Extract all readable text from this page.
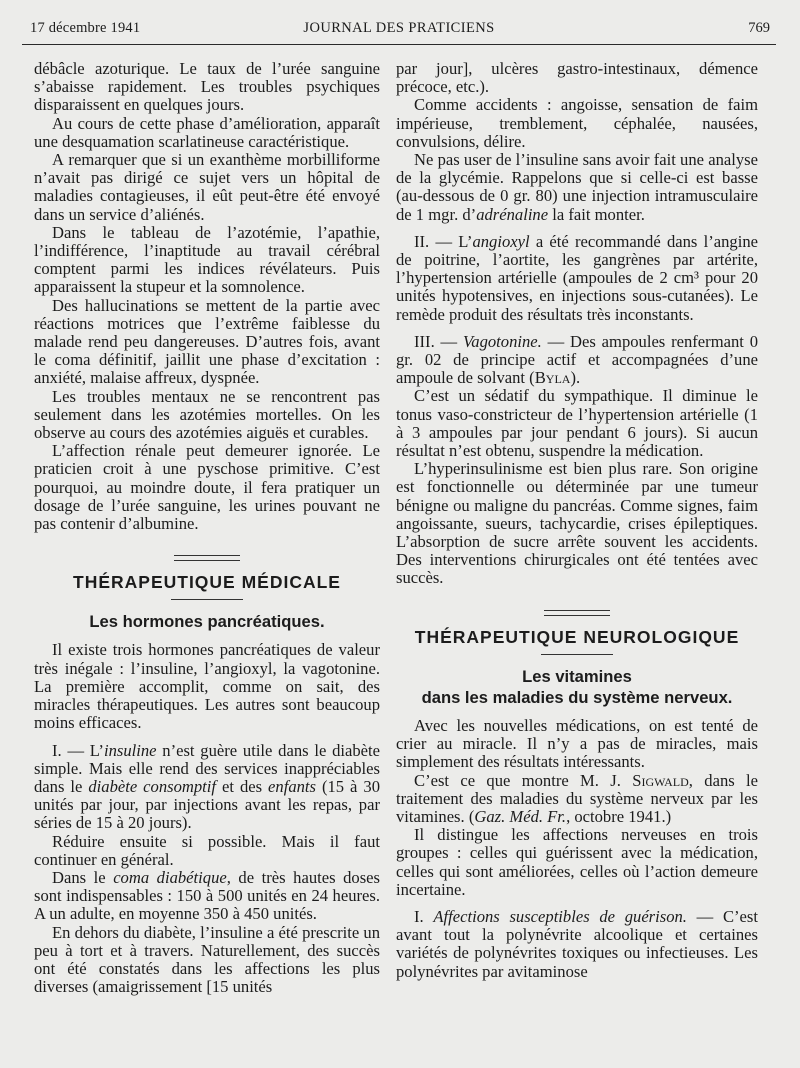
17 décembre 1941	JOURNAL DES PRATICIENS	769

débâcle azoturique. Le taux de l’urée sanguine s’abaisse rapidement. Les troubles psychiques disparaissent en quelques jours.

Au cours de cette phase d’amélioration, apparaît une desquamation scarlatineuse caractéristique.

A remarquer que si un exanthème morbilliforme n’avait pas dirigé ce sujet vers un hôpital de maladies contagieuses, il eût peut-être été envoyé dans un service d’aliénés.

Dans le tableau de l’azotémie, l’apathie, l’indifférence, l’inaptitude au travail cérébral comptent parmi les indices révélateurs. Puis apparaissent la stupeur et la somnolence.

Des hallucinations se mettent de la partie avec réactions motrices que l’extrême faiblesse du malade rend peu dangereuses. D’autres fois, avant le coma définitif, jaillit une phase d’excitation : anxiété, malaise affreux, dyspnée.

Les troubles mentaux ne se rencontrent pas seulement dans les azotémies mortelles. On les observe au cours des azotémies aiguës et curables.

L’affection rénale peut demeurer ignorée. Le praticien croit à une pyschose primitive. C’est pourquoi, au moindre doute, il fera pratiquer un dosage de l’urée sanguine, les urines pouvant ne pas contenir d’albumine.

THÉRAPEUTIQUE MÉDICALE
Les hormones pancréatiques.

Il existe trois hormones pancréatiques de valeur très inégale : l’insuline, l’angioxyl, la vagotonine. La première accomplit, comme on sait, des miracles thérapeutiques. Les autres sont beaucoup moins efficaces.

I. — L’insuline n’est guère utile dans le diabète simple. Mais elle rend des services inappréciables dans le diabète consomptif et des enfants (15 à 30 unités par jour, par injections avant les repas, par séries de 15 à 20 jours).

Réduire ensuite si possible. Mais il faut continuer en général.

Dans le coma diabétique, de très hautes doses sont indispensables : 150 à 500 unités en 24 heures. A un adulte, en moyenne 350 à 450 unités.

En dehors du diabète, l’insuline a été prescrite un peu à tort et à travers. Naturellement, des succès ont été constatés dans les affections les plus diverses (amaigrissement [15 unités

par jour], ulcères gastro-intestinaux, démence précoce, etc.).

Comme accidents : angoisse, sensation de faim impérieuse, tremblement, céphalée, nausées, convulsions, délire.

Ne pas user de l’insuline sans avoir fait une analyse de la glycémie. Rappelons que si celle-ci est basse (au-dessous de 0 gr. 80) une injection intramusculaire de 1 mgr. d’adrénaline la fait monter.

II. — L’angioxyl a été recommandé dans l’angine de poitrine, l’aortite, les gangrènes par artérite, l’hypertension artérielle (ampoules de 2 cm³ pour 20 unités hypotensives, en injections sous-cutanées). Le remède produit des résultats très inconstants.

III. — Vagotonine. — Des ampoules renfermant 0 gr. 02 de principe actif et accompagnées d’une ampoule de solvant (Byla).

C’est un sédatif du sympathique. Il diminue le tonus vaso-constricteur de l’hypertension artérielle (1 à 3 ampoules par jour pendant 6 jours). Si aucun résultat n’est obtenu, suspendre la médication.

L’hyperinsulinisme est bien plus rare. Son origine est fonctionnelle ou déterminée par une tumeur bénigne ou maligne du pancréas. Comme signes, faim angoissante, sueurs, tachycardie, crises épileptiques. L’absorption de sucre arrête souvent les accidents. Des interventions chirurgicales ont été tentées avec succès.

THÉRAPEUTIQUE NEUROLOGIQUE
Les vitamines
dans les maladies du système nerveux.

Avec les nouvelles médications, on est tenté de crier au miracle. Il n’y a pas de miracles, mais simplement des résultats intéressants.

C’est ce que montre M. J. Sigwald, dans le traitement des maladies du système nerveux par les vitamines. (Gaz. Méd. Fr., octobre 1941.)

Il distingue les affections nerveuses en trois groupes : celles qui guérissent avec la médication, celles qui sont améliorées, celles où l’action demeure incertaine.

I. Affections susceptibles de guérison. — C’est avant tout la polynévrite alcoolique et certaines variétés de polynévrites toxiques ou infectieuses. Les polynévrites par avitaminose
